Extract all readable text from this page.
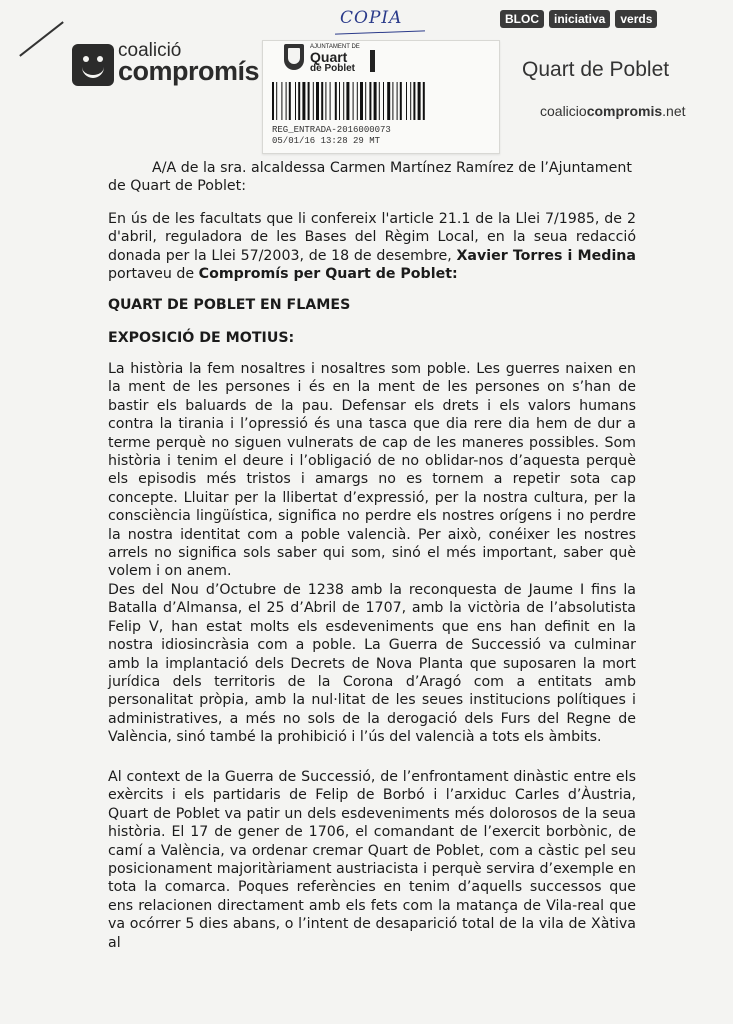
COPIA
coalició
compromís
BLOC	iniciativa	verds
Quart de Poblet
coaliciocompromis.net
AJUNTAMENT DE
Quart
de Poblet
REG_ENTRADA-2016000073
05/01/16 13:28 29 MT
A/A de la sra. alcaldessa Carmen Martínez Ramírez de l’Ajuntament
de Quart de Poblet:
En ús de les facultats que li confereix l'article 21.1 de la Llei 7/1985, de 2 d'abril, reguladora de les Bases del Règim Local, en la seua redacció donada per la Llei 57/2003, de 18 de desembre, Xavier Torres i Medina portaveu de Compromís per Quart de Poblet:
QUART DE POBLET EN FLAMES
EXPOSICIÓ DE MOTIUS:
La història la fem nosaltres i nosaltres som poble. Les guerres naixen en la ment de les persones i és en la ment de les persones on s’han de bastir els baluards de la pau. Defensar els drets i els valors humans contra la tirania i l’opressió és una tasca que dia rere dia hem de dur a terme perquè no siguen vulnerats de cap de les maneres possibles. Som història i tenim el deure i l’obligació de no oblidar-nos d’aquesta perquè els episodis més tristos i amargs no es tornem a repetir sota cap concepte. Lluitar per la llibertat d’expressió, per la nostra cultura, per la consciència lingüística, significa no perdre els nostres orígens i no perdre la nostra identitat com a poble valencià. Per això, conéixer les nostres arrels no significa sols saber qui som, sinó el més important, saber què volem i on anem.
Des del Nou d’Octubre de 1238 amb la reconquesta de Jaume I fins la Batalla d’Almansa, el 25 d’Abril de 1707, amb la victòria de l’absolutista Felip V, han estat molts els esdeveniments que ens han definit en la nostra idiosincràsia com a poble. La Guerra de Successió va culminar amb la implantació dels Decrets de Nova Planta que suposaren la mort jurídica dels territoris de la Corona d’Aragó com a entitats amb personalitat pròpia, amb la nul·litat de les seues institucions polítiques i administratives, a més no sols de la derogació dels Furs del Regne de València, sinó també la prohibició i l’ús del valencià a tots els àmbits.
Al context de la Guerra de Successió, de l’enfrontament dinàstic entre els exèrcits i els partidaris de Felip de Borbó i l’arxiduc Carles d’Àustria, Quart de Poblet va patir un dels esdeveniments més dolorosos de la seua història. El 17 de gener de 1706, el comandant de l’exercit borbònic, de camí a València, va ordenar cremar Quart de Poblet, com a càstic pel seu posicionament majoritàriament austriacista i perquè servira d’exemple en tota la comarca. Poques referències en tenim d’aquells successos que ens relacionen directament amb els fets com la matança de Vila-real que va ocórrer 5 dies abans, o l’intent de desaparició total de la vila de Xàtiva al
